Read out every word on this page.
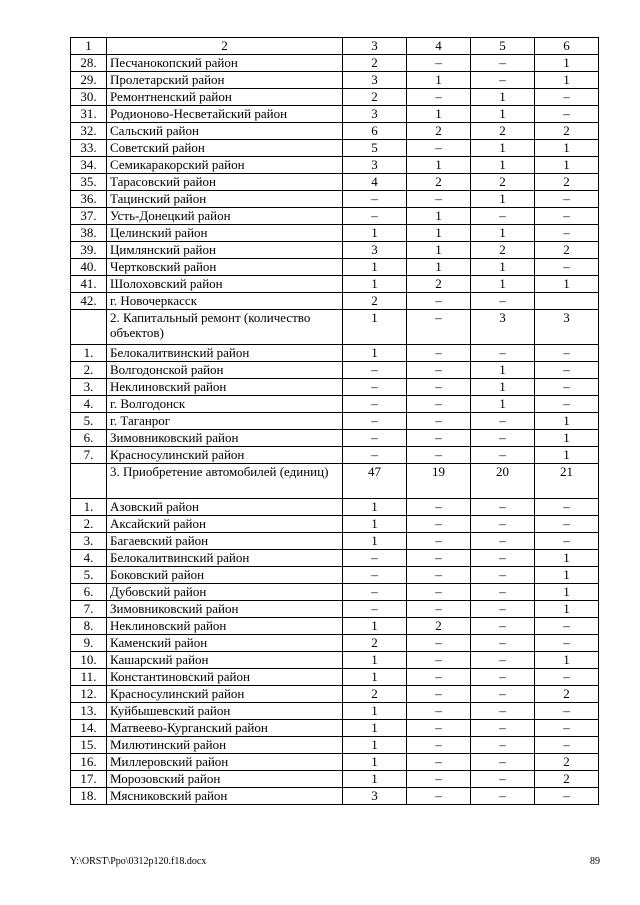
1	2	3	4	5	6
28.	Песчанокопский район	2	–	–	1
29.	Пролетарский район	3	1	–	1
30.	Ремонтненский район	2	–	1	–
31.	Родионово-Несветайский район	3	1	1	–
32.	Сальский район	6	2	2	2
33.	Советский район	5	–	1	1
34.	Семикаракорский район	3	1	1	1
35.	Тарасовский район	4	2	2	2
36.	Тацинский район	–	–	1	–
37.	Усть-Донецкий район	–	1	–	–
38.	Целинский район	1	1	1	–
39.	Цимлянский район	3	1	2	2
40.	Чертковский район	1	1	1	–
41.	Шолоховский район	1	2	1	1
42.	г. Новочеркасск	2	–	–	
	2. Капитальный ремонт (количество объектов)	1	–	3	3
1.	Белокалитвинский район	1	–	–	–
2.	Волгодонской район	–	–	1	–
3.	Неклиновский район	–	–	1	–
4.	г. Волгодонск	–	–	1	–
5.	г. Таганрог	–	–	–	1
6.	Зимовниковский район	–	–	–	1
7.	Красносулинский район	–	–	–	1
	3. Приобретение автомобилей (единиц)	47	19	20	21
1.	Азовский район	1	–	–	–
2.	Аксайский район	1	–	–	–
3.	Багаевский район	1	–	–	–
4.	Белокалитвинский район	–	–	–	1
5.	Боковский район	–	–	–	1
6.	Дубовский район	–	–	–	1
7.	Зимовниковский район	–	–	–	1
8.	Неклиновский район	1	2	–	–
9.	Каменский район	2	–	–	–
10.	Кашарский район	1	–	–	1
11.	Константиновский район	1	–	–	–
12.	Красносулинский район	2	–	–	2
13.	Куйбышевский район	1	–	–	–
14.	Матвеево-Курганский район	1	–	–	–
15.	Милютинский район	1	–	–	–
16.	Миллеровский район	1	–	–	2
17.	Морозовский район	1	–	–	2
18.	Мясниковский район	3	–	–	–
Y:\ORST\Ppo\0312p120.f18.docx	89
